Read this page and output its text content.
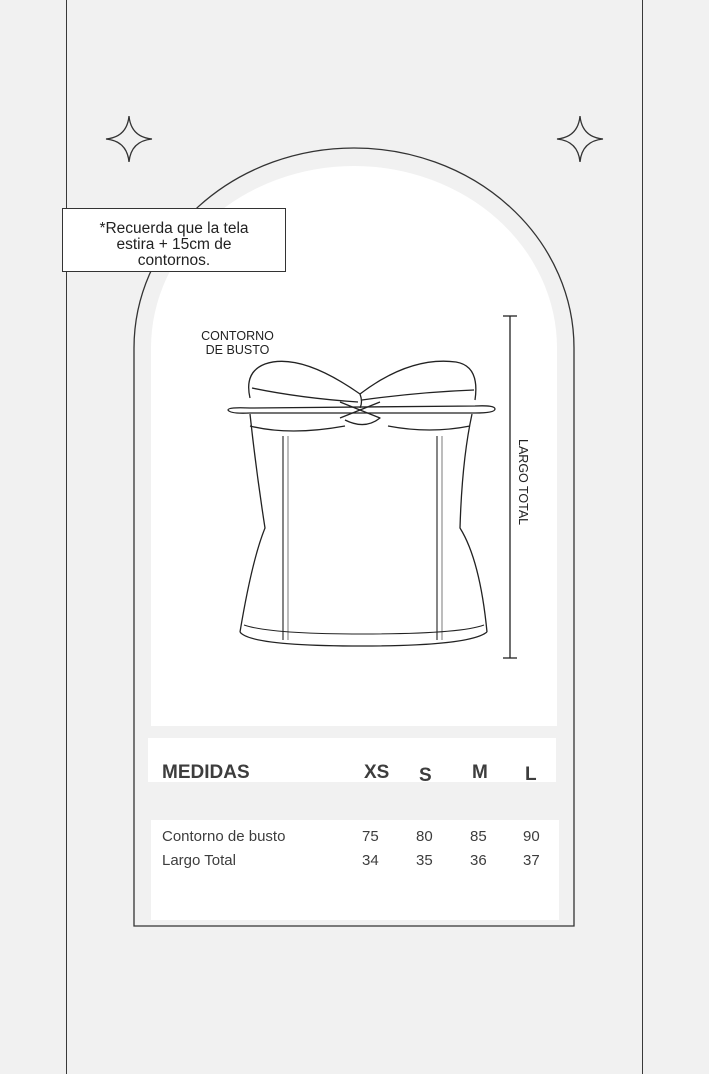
*Recuerda que la tela
estira + 15cm de
contornos.
CONTORNO
DE BUSTO
LARGO TOTAL
MEDIDAS	XS S M L
Contorno de busto	75 80 85 90
Largo Total	34 35 36 37
